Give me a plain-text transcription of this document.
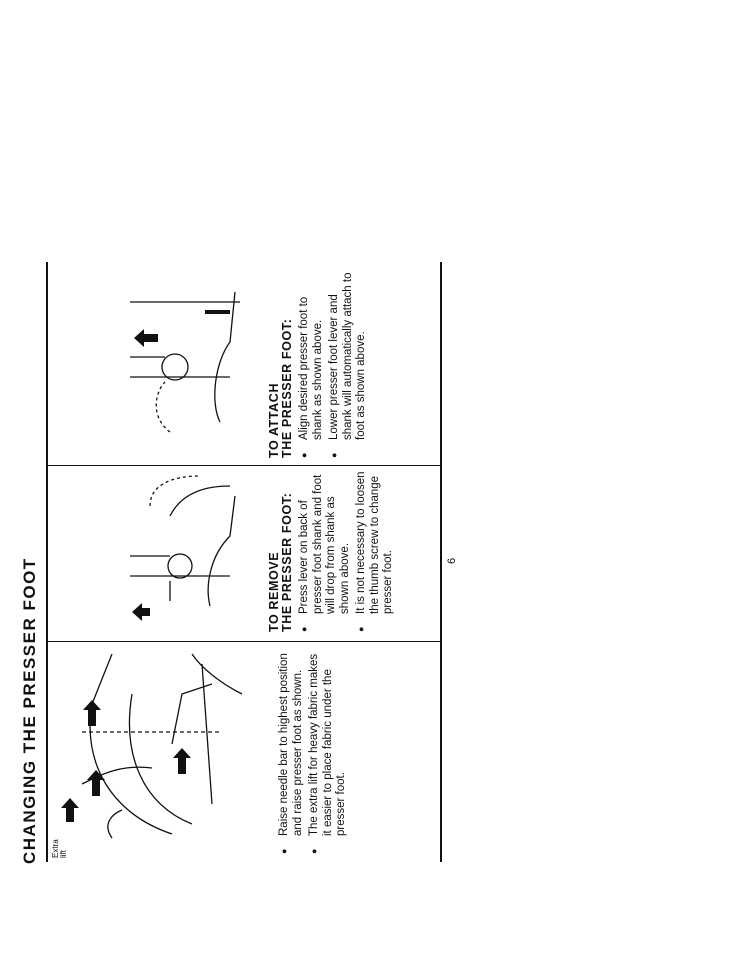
CHANGING THE PRESSER FOOT Extra lift
● Raise needle bar to highest position and raise presser foot as shown. ● The extra lift for heavy fabric makes it easier to place fabric under the presser foot.
TO REMOVE THE PRESSER FOOT: ● Press lever on back of presser foot shank and foot will drop from shank as shown above. ● It is not necessary to loosen the thumb screw to change presser foot.
TO ATTACH THE PRESSER FOOT: ● Align desired presser foot to shank as shown above. ● Lower presser foot lever and shank will automatically attach to foot as shown above.
6
